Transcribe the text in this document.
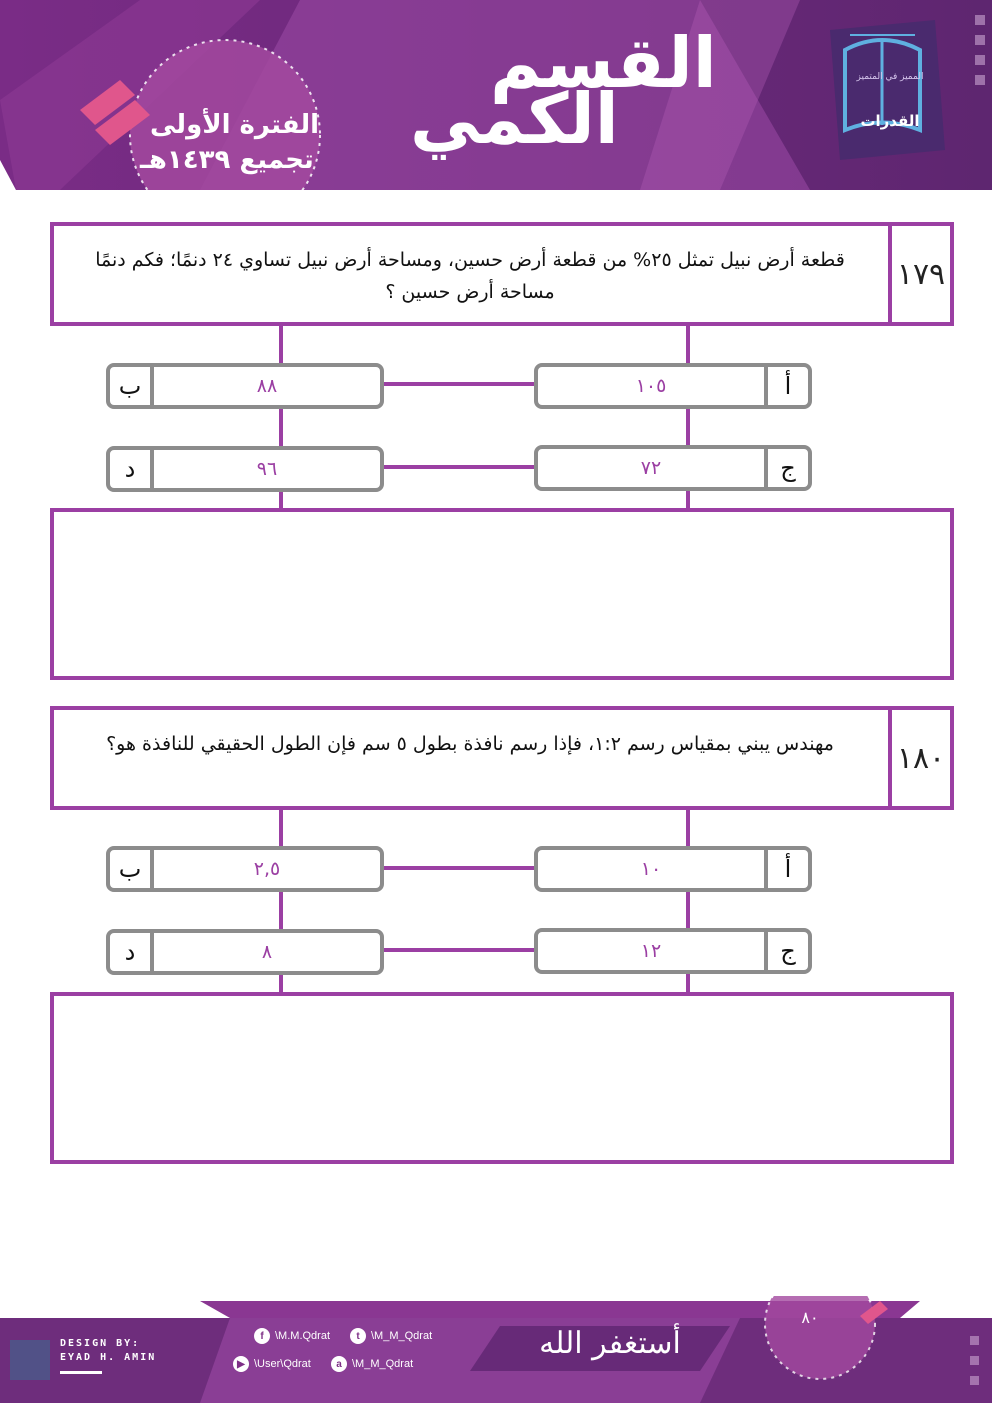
القسم
الكمي
الفترة الأولى
تجميع ١٤٣٩هـ
القدرات
المميز في المتميز
قطعة أرض نبيل تمثل ٢٥% من قطعة أرض حسين، ومساحة أرض نبيل تساوي ٢٤ دنمًا؛ فكم دنمًا مساحة أرض حسين ؟
١٧٩
ب	٨٨	١٠٥	أ
د	٩٦	٧٢	ج
مهندس يبني بمقياس رسم ١:٢، فإذا رسم نافذة بطول ٥ سم فإن الطول الحقيقي للنافذة هو؟	١٨٠
ب	٢,٥	١٠	أ
د	٨	١٢	ج
DESIGN BY:
EYAD H. AMIN
f	\M.M.Qdrat	t	\M_M_Qdrat
▶ \User\Qdrat	a \M_M_Qdrat
أستغفر الله
٨٠
